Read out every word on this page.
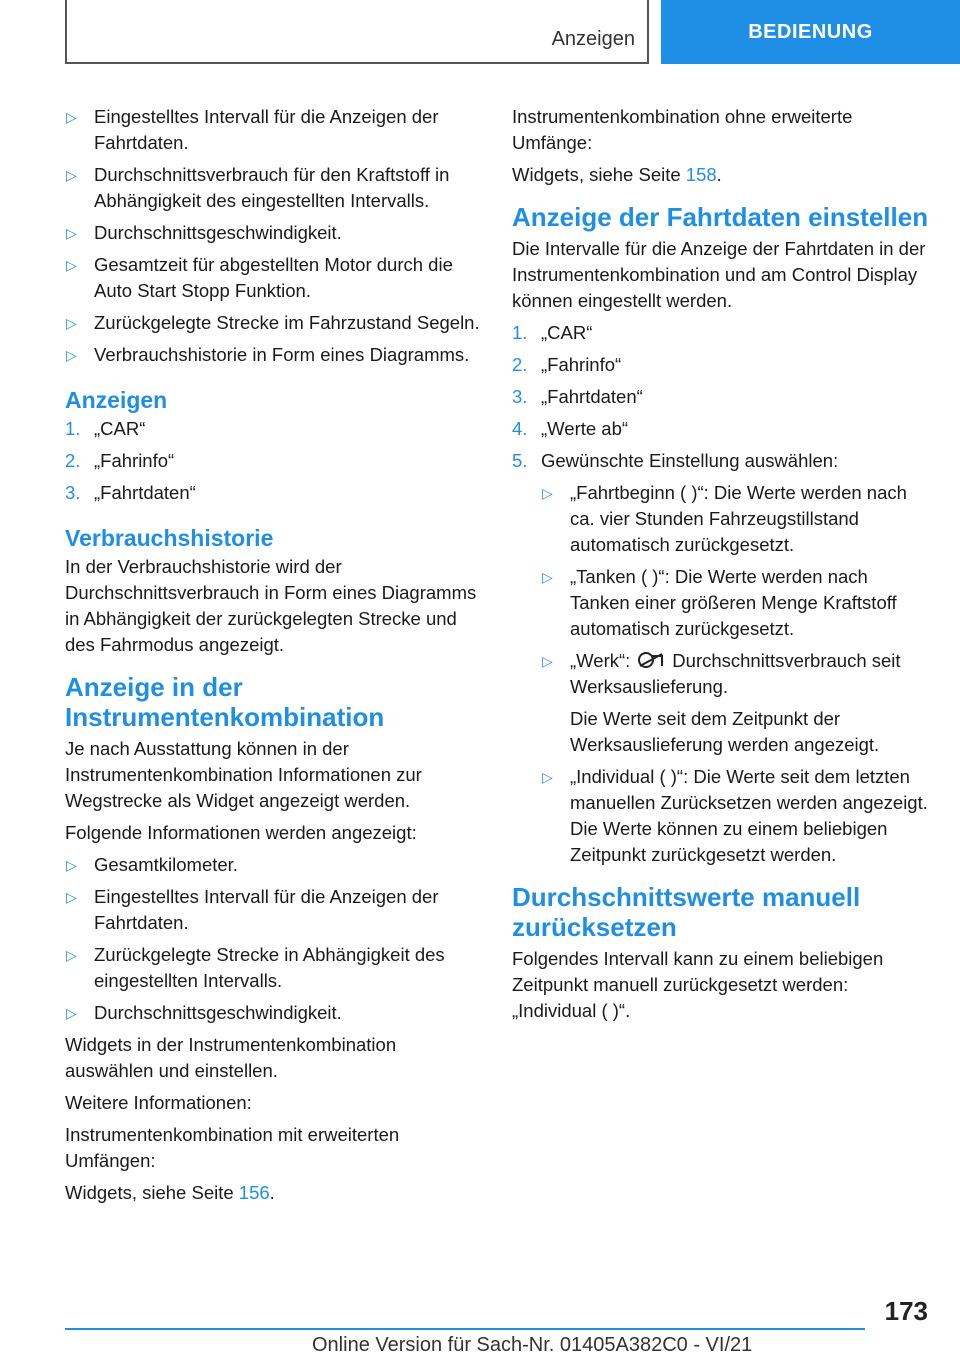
Anzeigen	BEDIENUNG
▷ Eingestelltes Intervall für die Anzeigen der Fahrtdaten.
▷ Durchschnittsverbrauch für den Kraftstoff in Abhängigkeit des eingestellten Intervalls.
▷ Durchschnittsgeschwindigkeit.
▷ Gesamtzeit für abgestellten Motor durch die Auto Start Stopp Funktion.
▷ Zurückgelegte Strecke im Fahrzustand Segeln.
▷ Verbrauchshistorie in Form eines Diagramms.
Anzeigen
1. „CAR“
2. „Fahrinfo“
3. „Fahrtdaten“
Verbrauchshistorie

In der Verbrauchshistorie wird der Durchschnittsverbrauch in Form eines Diagramms in Abhängigkeit der zurückgelegten Strecke und des Fahrmodus angezeigt.

Anzeige in der Instrumentenkombination

Je nach Ausstattung können in der Instrumentenkombination Informationen zur Wegstrecke als Widget angezeigt werden.

Folgende Informationen werden angezeigt:

▷ Gesamtkilometer.
▷ Eingestelltes Intervall für die Anzeigen der Fahrtdaten.
▷ Zurückgelegte Strecke in Abhängigkeit des eingestellten Intervalls.
▷ Durchschnittsgeschwindigkeit.

Widgets in der Instrumentenkombination auswählen und einstellen.

Weitere Informationen:

Instrumentenkombination mit erweiterten Umfängen:

Widgets, siehe Seite 156.

Instrumentenkombination ohne erweiterte Umfänge:

Widgets, siehe Seite 158.

Anzeige der Fahrtdaten einstellen

Die Intervalle für die Anzeige der Fahrtdaten in der Instrumentenkombination und am Control Display können eingestellt werden.

1. „CAR“
2. „Fahrinfo“
3. „Fahrtdaten“
4. „Werte ab“
5. Gewünschte Einstellung auswählen:
▷ „Fahrtbeginn ( )“: Die Werte werden nach ca. vier Stunden Fahrzeugstillstand automatisch zurückgesetzt.
▷ „Tanken ( )“: Die Werte werden nach Tanken einer größeren Menge Kraftstoff automatisch zurückgesetzt.
▷ „Werk“: Durchschnittsverbrauch seit Werksauslieferung.
Die Werte seit dem Zeitpunkt der Werksauslieferung werden angezeigt.
▷ „Individual ( )“: Die Werte seit dem letzten manuellen Zurücksetzen werden angezeigt. Die Werte können zu einem beliebigen Zeitpunkt zurückgesetzt werden.
Durchschnittswerte manuell zurücksetzen

Folgendes Intervall kann zu einem beliebigen Zeitpunkt manuell zurückgesetzt werden: „Individual ( )“.

173
Online Version für Sach-Nr. 01405A382C0 - VI/21
